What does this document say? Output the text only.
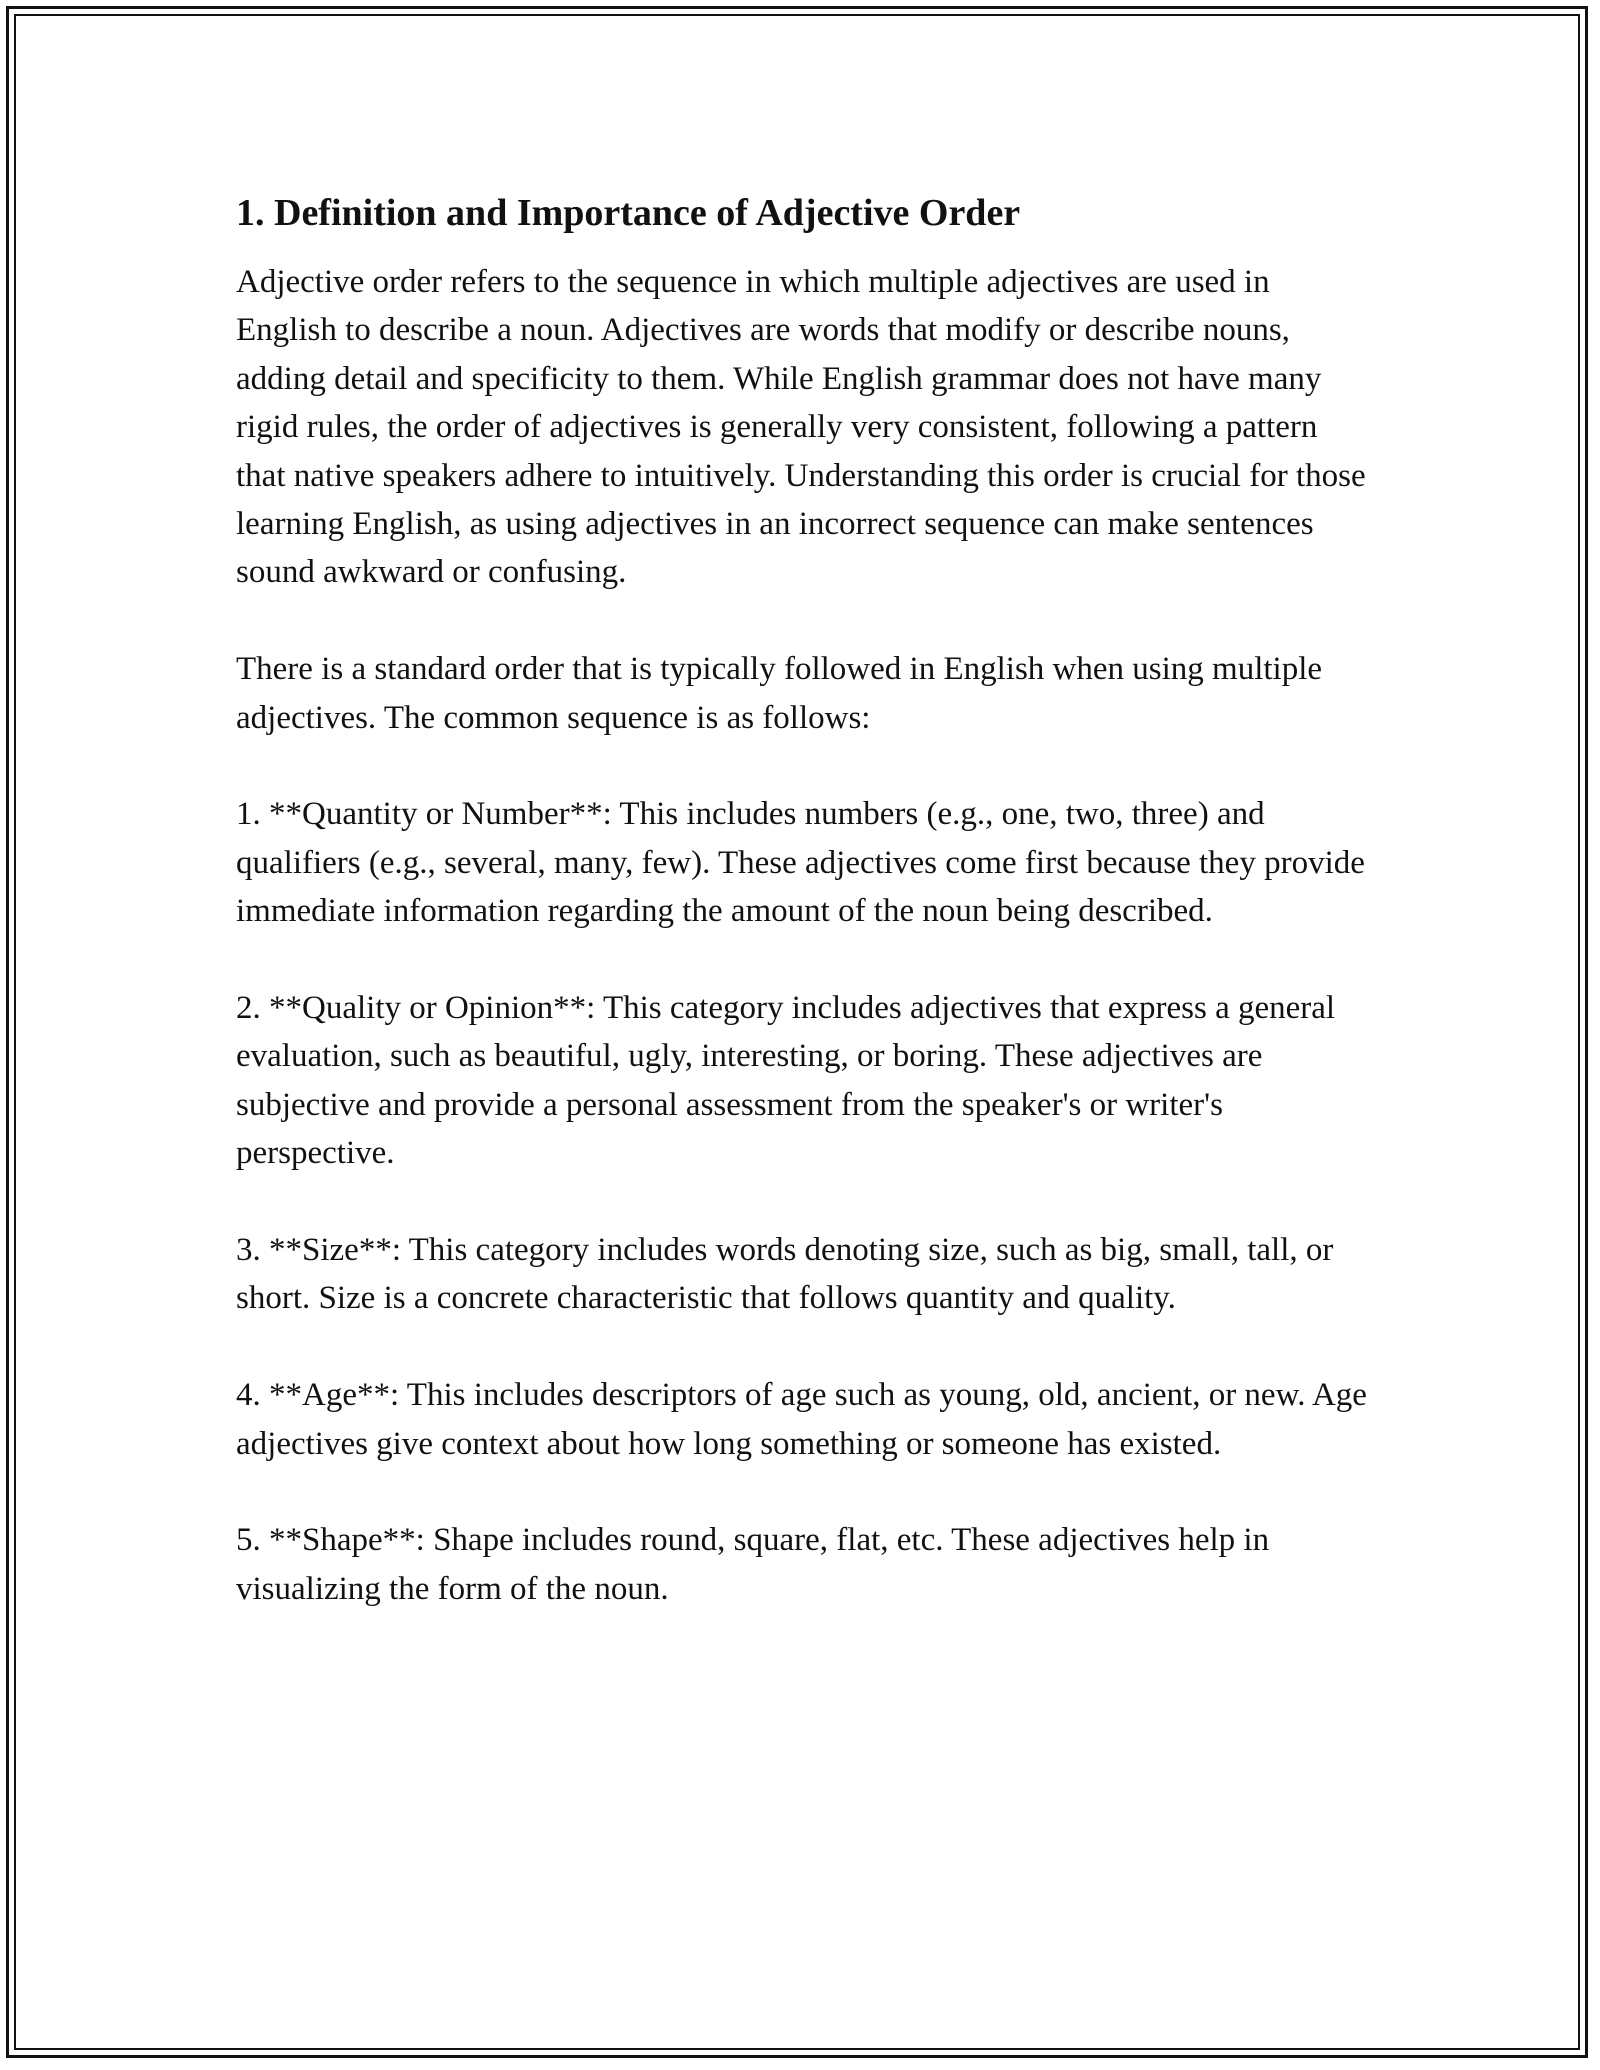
1. Definition and Importance of Adjective Order

Adjective order refers to the sequence in which multiple adjectives are used in English to describe a noun. Adjectives are words that modify or describe nouns, adding detail and specificity to them. While English grammar does not have many rigid rules, the order of adjectives is generally very consistent, following a pattern that native speakers adhere to intuitively. Understanding this order is crucial for those learning English, as using adjectives in an incorrect sequence can make sentences sound awkward or confusing.

There is a standard order that is typically followed in English when using multiple adjectives. The common sequence is as follows:

1. **Quantity or Number**: This includes numbers (e.g., one, two, three) and qualifiers (e.g., several, many, few). These adjectives come first because they provide immediate information regarding the amount of the noun being described.

2. **Quality or Opinion**: This category includes adjectives that express a general evaluation, such as beautiful, ugly, interesting, or boring. These adjectives are subjective and provide a personal assessment from the speaker's or writer's perspective.

3. **Size**: This category includes words denoting size, such as big, small, tall, or short. Size is a concrete characteristic that follows quantity and quality.

4. **Age**: This includes descriptors of age such as young, old, ancient, or new. Age adjectives give context about how long something or someone has existed.

5. **Shape**: Shape includes round, square, flat, etc. These adjectives help in visualizing the form of the noun.
